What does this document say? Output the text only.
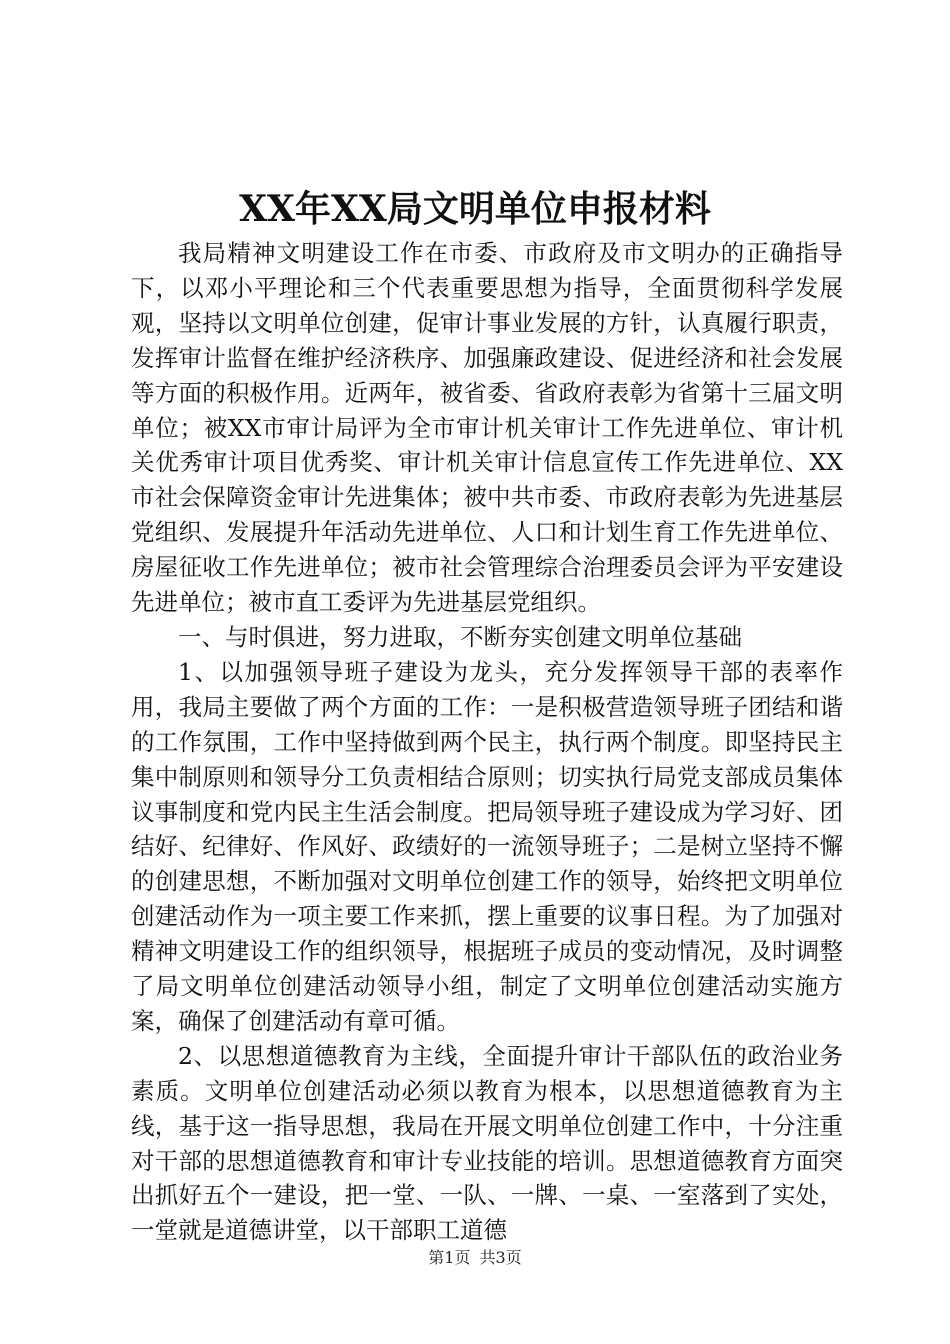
XX年XX局文明单位申报材料

我局精神文明建设工作在市委、市政府及市文明办的正确指导下，以邓小平理论和三个代表重要思想为指导，全面贯彻科学发展观，坚持以文明单位创建，促审计事业发展的方针，认真履行职责，发挥审计监督在维护经济秩序、加强廉政建设、促进经济和社会发展等方面的积极作用。近两年，被省委、省政府表彰为省第十三届文明单位；被XX市审计局评为全市审计机关审计工作先进单位、审计机关优秀审计项目优秀奖、审计机关审计信息宣传工作先进单位、XX市社会保障资金审计先进集体；被中共市委、市政府表彰为先进基层党组织、发展提升年活动先进单位、人口和计划生育工作先进单位、房屋征收工作先进单位；被市社会管理综合治理委员会评为平安建设先进单位；被市直工委评为先进基层党组织。

一、与时俱进，努力进取，不断夯实创建文明单位基础

1、以加强领导班子建设为龙头，充分发挥领导干部的表率作用，我局主要做了两个方面的工作：一是积极营造领导班子团结和谐的工作氛围，工作中坚持做到两个民主，执行两个制度。即坚持民主集中制原则和领导分工负责相结合原则；切实执行局党支部成员集体议事制度和党内民主生活会制度。把局领导班子建设成为学习好、团结好、纪律好、作风好、政绩好的一流领导班子；二是树立坚持不懈的创建思想，不断加强对文明单位创建工作的领导，始终把文明单位创建活动作为一项主要工作来抓，摆上重要的议事日程。为了加强对精神文明建设工作的组织领导，根据班子成员的变动情况，及时调整了局文明单位创建活动领导小组，制定了文明单位创建活动实施方案，确保了创建活动有章可循。

2、以思想道德教育为主线，全面提升审计干部队伍的政治业务素质。文明单位创建活动必须以教育为根本，以思想道德教育为主线，基于这一指导思想，我局在开展文明单位创建工作中，十分注重对干部的思想道德教育和审计专业技能的培训。思想道德教育方面突出抓好五个一建设，把一堂、一队、一牌、一桌、一室落到了实处，一堂就是道德讲堂，以干部职工道德

第1页 共3页
